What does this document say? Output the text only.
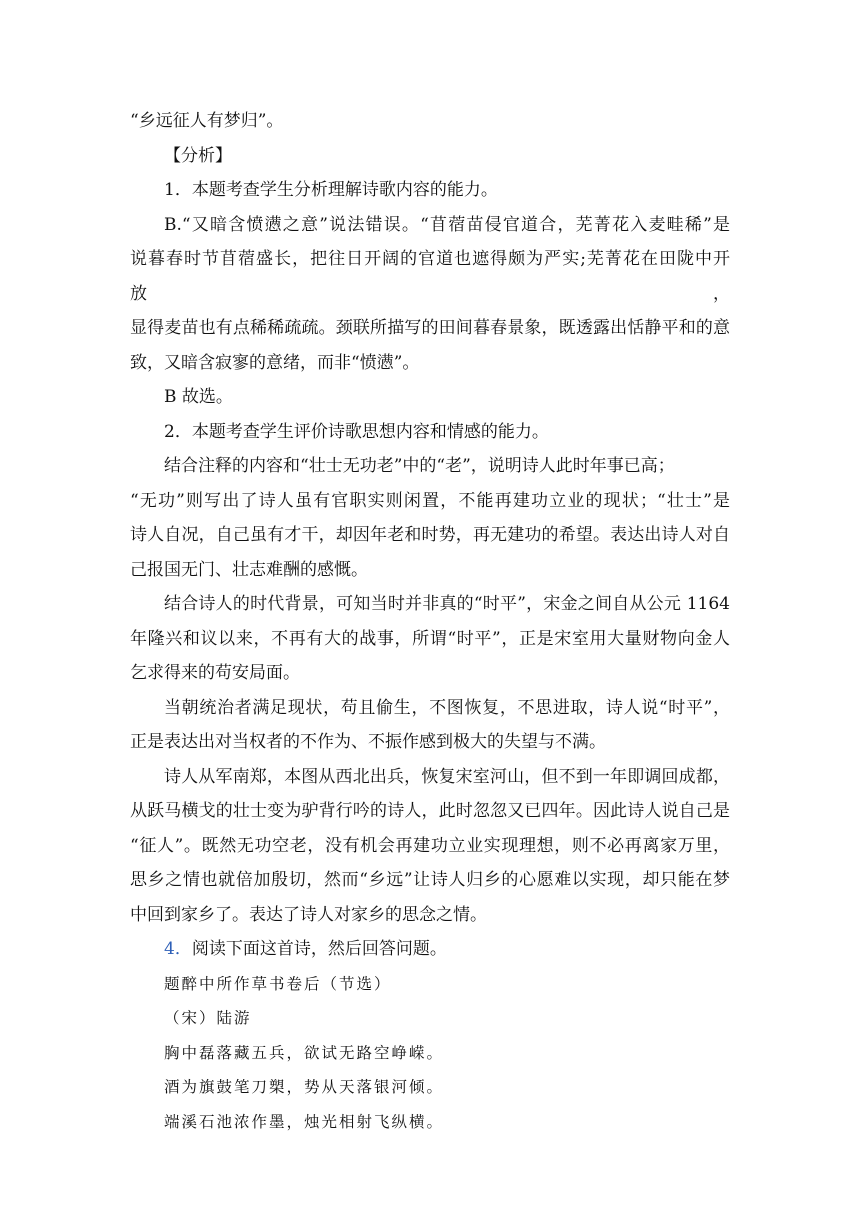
“乡远征人有梦归”。
【分析】
1．本题考查学生分析理解诗歌内容的能力。
B.“又暗含愤懑之意”说法错误。“苜蓿苗侵官道合，芜菁花入麦畦稀”是
说暮春时节苜蓿盛长，把往日开阔的官道也遮得颇为严实;芜菁花在田陇中开放，
显得麦苗也有点稀稀疏疏。颈联所描写的田间暮春景象，既透露出恬静平和的意
致，又暗含寂寥的意绪，而非“愤懑”。
B 故选。
2．本题考查学生评价诗歌思想内容和情感的能力。
结合注释的内容和“壮士无功老”中的“老”，说明诗人此时年事已高；
“无功”则写出了诗人虽有官职实则闲置，不能再建功立业的现状；“壮士”是
诗人自况，自己虽有才干，却因年老和时势，再无建功的希望。表达出诗人对自
己报国无门、壮志难酬的感慨。
结合诗人的时代背景，可知当时并非真的“时平”，宋金之间自从公元 1164
年隆兴和议以来，不再有大的战事，所谓“时平”，正是宋室用大量财物向金人
乞求得来的苟安局面。
当朝统治者满足现状，苟且偷生，不图恢复，不思进取，诗人说“时平”，
正是表达出对当权者的不作为、不振作感到极大的失望与不满。
诗人从军南郑，本图从西北出兵，恢复宋室河山，但不到一年即调回成都，
从跃马横戈的壮士变为驴背行吟的诗人，此时忽忽又已四年。因此诗人说自己是
“征人”。既然无功空老，没有机会再建功立业实现理想，则不必再离家万里，
思乡之情也就倍加殷切，然而“乡远”让诗人归乡的心愿难以实现，却只能在梦
中回到家乡了。表达了诗人对家乡的思念之情。
4．阅读下面这首诗，然后回答问题。
题醉中所作草书卷后（节选）
（宋）陆游
胸中磊落藏五兵，欲试无路空峥嵘。
酒为旗鼓笔刀槊，势从天落银河倾。
端溪石池浓作墨，烛光相射飞纵横。
